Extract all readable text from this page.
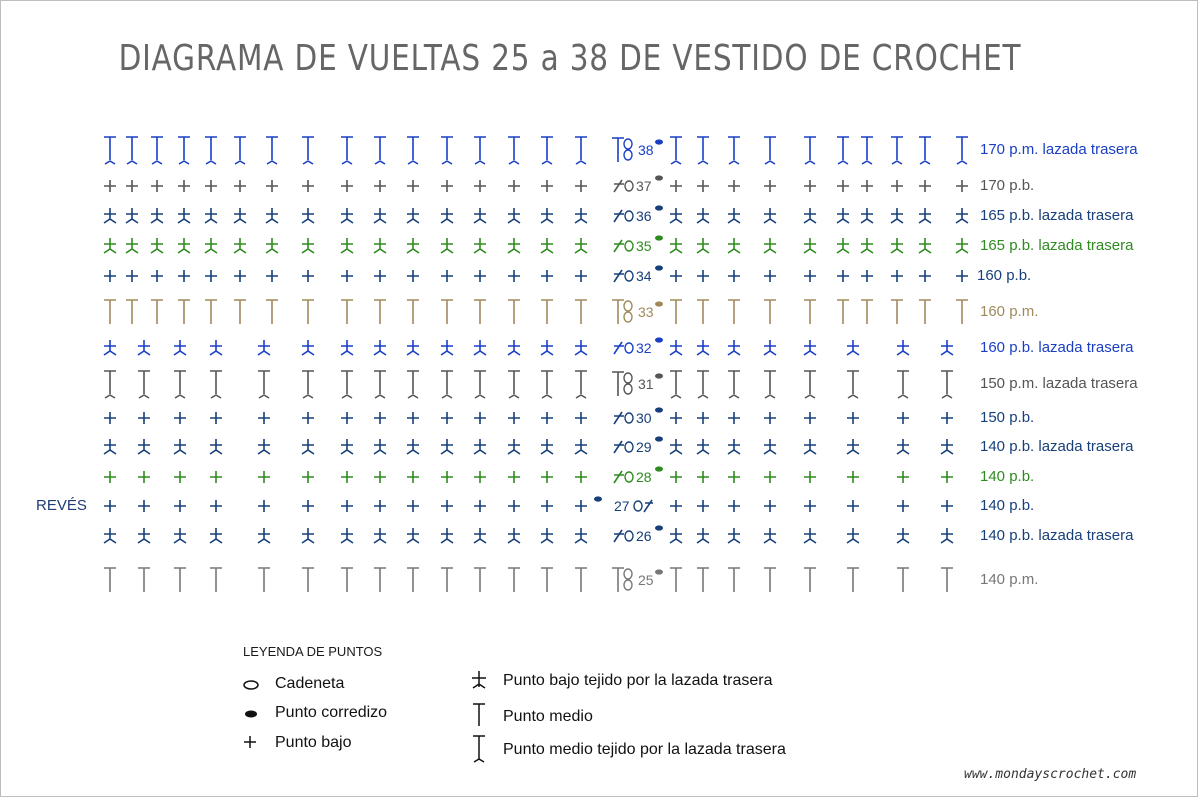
DIAGRAMA DE VUELTAS 25 a 38 DE VESTIDO DE CROCHET
38
37
36
35
34
33
32
31
30
29
28
27
26
25
170 p.m. lazada trasera
170 p.b.
165 p.b. lazada trasera
165 p.b. lazada trasera
160 p.b.
160 p.m.
160 p.b. lazada trasera
150 p.m. lazada trasera
150 p.b.
140 p.b. lazada trasera
140 p.b.
140 p.b.
140 p.b. lazada trasera
140 p.m.
REVÉS
LEYENDA DE PUNTOS
Cadeneta
Punto corredizo
Punto bajo
Punto bajo tejido por la lazada trasera
Punto medio
Punto medio tejido por la lazada trasera
www.mondayscrochet.com
